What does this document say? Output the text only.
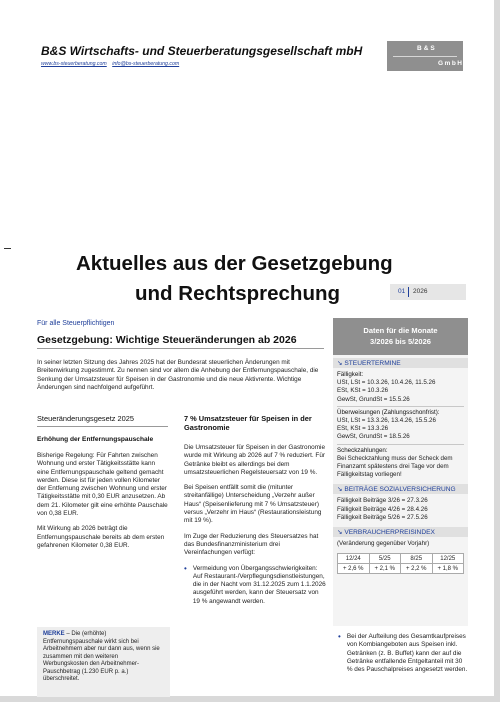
B&S Wirtschafts- und Steuerberatungsgesellschaft mbH
www.bs-steuerberatung.com info@bs-steuerberatung.com
B&S
GmbH
Aktuelles aus der Gesetzgebung
und Rechtsprechung	01 2026
Für alle Steuerpflichtigen
Gesetzgebung: Wichtige Steueränderungen ab 2026
In seiner letzten Sitzung des Jahres 2025 hat der Bundesrat steuerlichen Änderungen mit Breitenwirkung zugestimmt. Zu nennen sind vor allem die Anhebung der Entfernungspauschale, die Senkung der Umsatzsteuer für Speisen in der Gastronomie und die neue Aktivrente. Wichtige Änderungen sind nachfolgend aufgeführt.
Steueränderungsgesetz 2025
Erhöhung der Entfernungspauschale
Bisherige Regelung: Für Fahrten zwischen Wohnung und erster Tätigkeitsstätte kann eine Entfernungspauschale geltend gemacht werden. Diese ist für jeden vollen Kilometer der Entfernung zwischen Wohnung und erster Tätigkeitsstätte mit 0,30 EUR anzusetzen. Ab dem 21. Kilometer gilt eine erhöhte Pauschale von 0,38 EUR.
Mit Wirkung ab 2026 beträgt die Entfernungspauschale bereits ab dem ersten gefahrenen Kilometer 0,38 EUR.
MERKE – Die (erhöhte) Entfernungspauschale wirkt sich bei Arbeitnehmern aber nur dann aus, wenn sie zusammen mit den weiteren Werbungskosten den Arbeitnehmer-Pauschbetrag (1.230 EUR p. a.) überschreitet.
7 % Umsatzsteuer für Speisen in der Gastronomie
Die Umsatzsteuer für Speisen in der Gastronomie wurde mit Wirkung ab 2026 auf 7 % reduziert. Für Getränke bleibt es allerdings bei dem umsatzsteuerlichen Regelsteuersatz von 19 %.
Bei Speisen entfällt somit die (mitunter streitanfällige) Unterscheidung „Verzehr außer Haus“ (Speisenlieferung mit 7 % Umsatzsteuer) versus „Verzehr im Haus“ (Restaurationsleistung mit 19 %).
Im Zuge der Reduzierung des Steuersatzes hat das Bundesfinanzministerium drei Vereinfachungen verfügt:
• Vermeidung von Übergangsschwierigkeiten: Auf Restaurant-/Verpflegungsdienstleistungen, die in der Nacht vom 31.12.2025 zum 1.1.2026 ausgeführt werden, kann der Steuersatz von 19 % angewandt werden.
• Bei der Aufteilung des Gesamtkaufpreises von Kombiangeboten aus Speisen inkl. Getränken (z. B. Buffet) kann der auf die Getränke entfallende Entgeltanteil mit 30 % des Pauschalpreises angesetzt werden.
Daten für die Monate
3/2026 bis 5/2026
↘ STEUERTERMINE
Fälligkeit:
USt, LSt = 10.3.26, 10.4.26, 11.5.26
ESt, KSt = 10.3.26
GewSt, GrundSt = 15.5.26
Überweisungen (Zahlungsschonfrist):
USt, LSt = 13.3.26, 13.4.26, 15.5.26
ESt, KSt = 13.3.26
GewSt, GrundSt = 18.5.26
Scheckzahlungen:
Bei Scheckzahlung muss der Scheck dem Finanzamt spätestens drei Tage vor dem Fälligkeitstag vorliegen!
↘ BEITRÄGE SOZIALVERSICHERUNG
Fälligkeit Beiträge 3/26 = 27.3.26
Fälligkeit Beiträge 4/26 = 28.4.26
Fälligkeit Beiträge 5/26 = 27.5.26
↘ VERBRAUCHERPREISINDEX
(Veränderung gegenüber Vorjahr)
12/24	5/25	8/25	12/25
+ 2,6 %	+ 2,1 %	+ 2,2 %	+ 1,8 %
